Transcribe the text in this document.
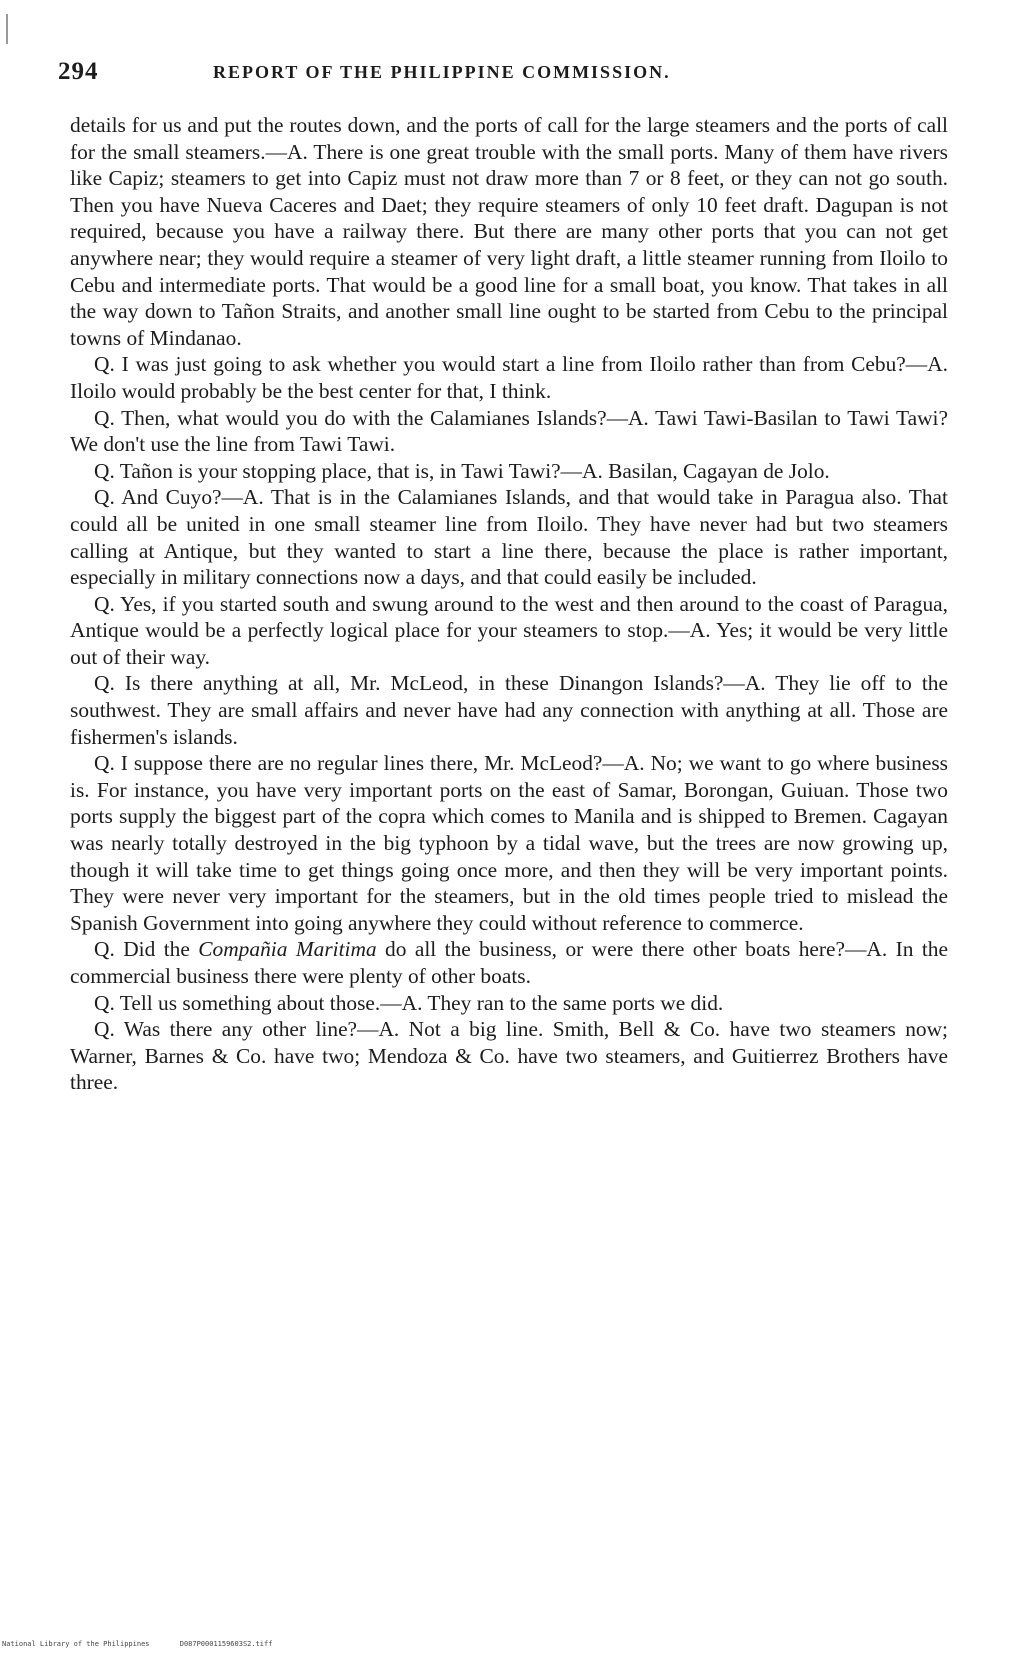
294	REPORT OF THE PHILIPPINE COMMISSION.

details for us and put the routes down, and the ports of call for the large steamers and the ports of call for the small steamers.—A. There is one great trouble with the small ports. Many of them have rivers like Capiz; steamers to get into Capiz must not draw more than 7 or 8 feet, or they can not go south. Then you have Nueva Caceres and Daet; they require steamers of only 10 feet draft. Dagupan is not required, because you have a railway there. But there are many other ports that you can not get anywhere near; they would require a steamer of very light draft, a little steamer running from Iloilo to Cebu and intermediate ports. That would be a good line for a small boat, you know. That takes in all the way down to Tañon Straits, and another small line ought to be started from Cebu to the principal towns of Mindanao.

Q. I was just going to ask whether you would start a line from Iloilo rather than from Cebu?—A. Iloilo would probably be the best center for that, I think.

Q. Then, what would you do with the Calamianes Islands?—A. Tawi Tawi-Basilan to Tawi Tawi? We don't use the line from Tawi Tawi.

Q. Tañon is your stopping place, that is, in Tawi Tawi?—A. Basilan, Cagayan de Jolo.

Q. And Cuyo?—A. That is in the Calamianes Islands, and that would take in Paragua also. That could all be united in one small steamer line from Iloilo. They have never had but two steamers calling at Antique, but they wanted to start a line there, because the place is rather important, especially in military connections now a days, and that could easily be included.

Q. Yes, if you started south and swung around to the west and then around to the coast of Paragua, Antique would be a perfectly logical place for your steamers to stop.—A. Yes; it would be very little out of their way.

Q. Is there anything at all, Mr. McLeod, in these Dinangon Islands?—A. They lie off to the southwest. They are small affairs and never have had any connection with anything at all. Those are fishermen's islands.

Q. I suppose there are no regular lines there, Mr. McLeod?—A. No; we want to go where business is. For instance, you have very important ports on the east of Samar, Borongan, Guiuan. Those two ports supply the biggest part of the copra which comes to Manila and is shipped to Bremen. Cagayan was nearly totally destroyed in the big typhoon by a tidal wave, but the trees are now growing up, though it will take time to get things going once more, and then they will be very important points. They were never very important for the steamers, but in the old times people tried to mislead the Spanish Government into going anywhere they could without reference to commerce.

Q. Did the Compañia Maritima do all the business, or were there other boats here?—A. In the commercial business there were plenty of other boats.

Q. Tell us something about those.—A. They ran to the same ports we did.

Q. Was there any other line?—A. Not a big line. Smith, Bell & Co. have two steamers now; Warner, Barnes & Co. have two; Mendoza & Co. have two steamers, and Guitierrez Brothers have three.

National Library of the Philippines	D087P0001159603S2.tiff
